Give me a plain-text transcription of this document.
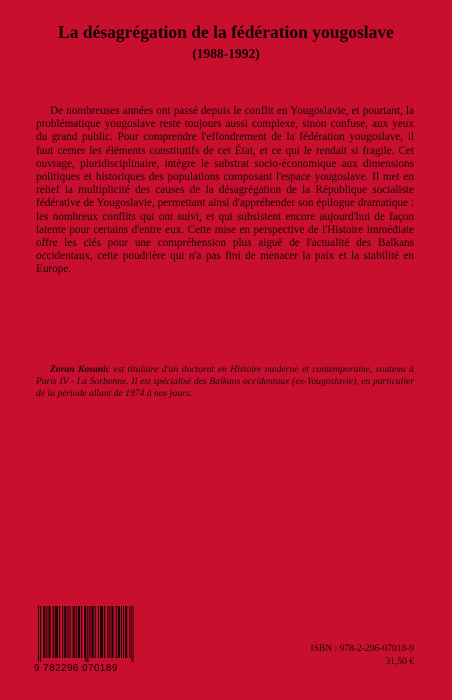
La désagrégation de la fédération yougoslave
(1988-1992)

De nombreuses années ont passé depuis le conflit en Yougoslavie, et pourtant, la problématique yougoslave reste toujours aussi complexe, sinon confuse, aux yeux du grand public. Pour comprendre l'effondrement de la fédération yougoslave, il faut cerner les éléments constitutifs de cet État, et ce qui le rendait si fragile. Cet ouvrage, pluridisciplinaire, intègre le substrat socio-économique aux dimensions politiques et historiques des populations composant l'espace yougoslave. Il met en relief la multiplicité des causes de la désagrégation de la République socialiste fédérative de Yougoslavie, permettant ainsi d'appréhender son épilogue dramatique : les nombreux conflits qui ont suivi, et qui subsistent encore aujourd'hui de façon latente pour certains d'entre eux. Cette mise en perspective de l'Histoire immédiate offre les clés pour une compréhension plus aiguë de l'actualité des Balkans occidentaux, cette poudrière qui n'a pas fini de menacer la paix et la stabilité en Europe.

Zoran Kosanic est titulaire d'un doctorat en Histoire moderne et contemporaine, soutenu à Paris IV - La Sorbonne. Il est spécialisé des Balkans occidentaux (ex-Yougoslavie), en particulier de la période allant de 1974 à nos jours.

9 782296 070189
ISBN : 978-2-296-07018-9
31,50 €
